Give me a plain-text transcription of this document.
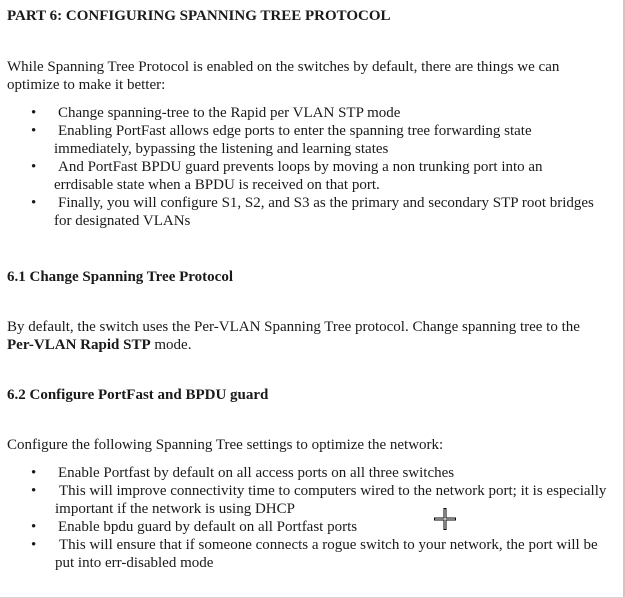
PART 6: CONFIGURING SPANNING TREE PROTOCOL

While Spanning Tree Protocol is enabled on the switches by default, there are things we can optimize to make it better:

• Change spanning-tree to the Rapid per VLAN STP mode
• Enabling PortFast allows edge ports to enter the spanning tree forwarding state immediately, bypassing the listening and learning states
• And PortFast BPDU guard prevents loops by moving a non trunking port into an errdisable state when a BPDU is received on that port.
• Finally, you will configure S1, S2, and S3 as the primary and secondary STP root bridges for designated VLANs
6.1 Change Spanning Tree Protocol

By default, the switch uses the Per-VLAN Spanning Tree protocol. Change spanning tree to the Per-VLAN Rapid STP mode.

6.2 Configure PortFast and BPDU guard

Configure the following Spanning Tree settings to optimize the network:

• Enable Portfast by default on all access ports on all three switches
• This will improve connectivity time to computers wired to the network port; it is especially important if the network is using DHCP
• Enable bpdu guard by default on all Portfast ports
• This will ensure that if someone connects a rogue switch to your network, the port will be put into err-disabled mode
